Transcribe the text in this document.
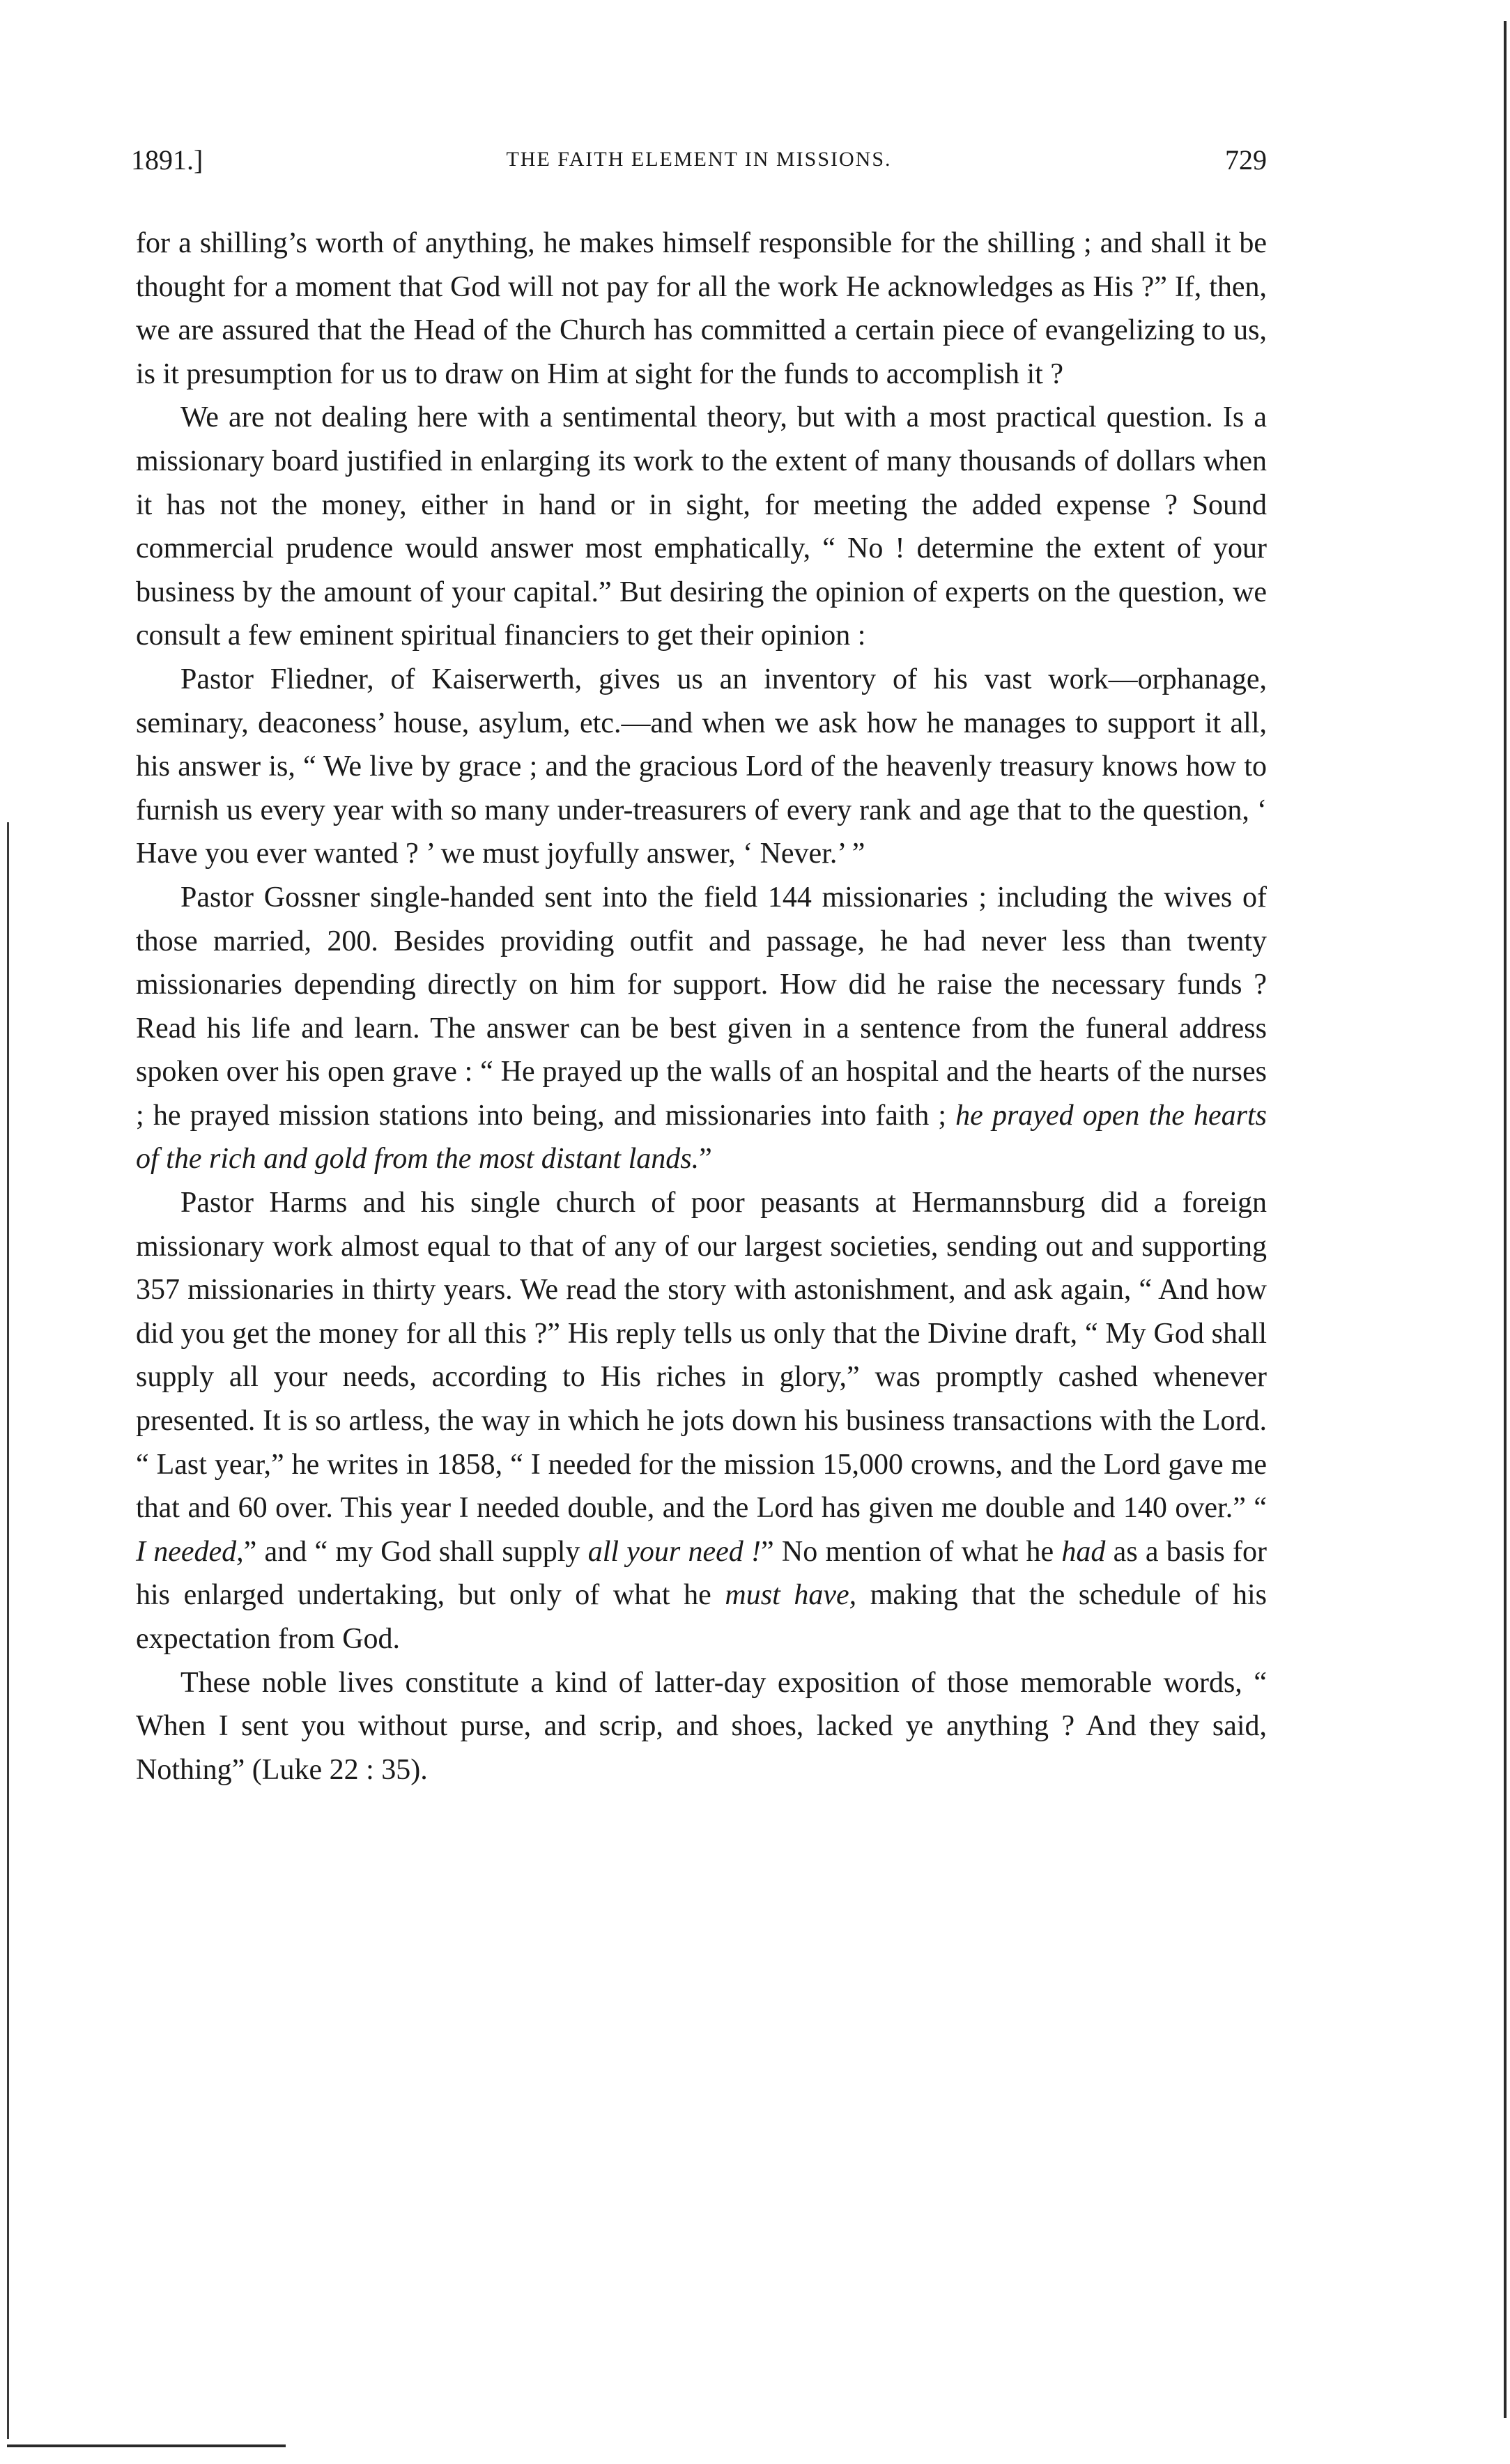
1891.]	THE FAITH ELEMENT IN MISSIONS.	729

for a shilling’s worth of anything, he makes himself responsible for the shilling ; and shall it be thought for a moment that God will not pay for all the work He acknowledges as His ?” If, then, we are assured that the Head of the Church has committed a certain piece of evangelizing to us, is it presumption for us to draw on Him at sight for the funds to accomplish it ?

We are not dealing here with a sentimental theory, but with a most practical question. Is a missionary board justified in enlarging its work to the extent of many thousands of dollars when it has not the money, either in hand or in sight, for meeting the added expense ? Sound commercial prudence would answer most emphatically, “ No ! determine the extent of your business by the amount of your capital.” But desiring the opinion of experts on the question, we consult a few eminent spiritual financiers to get their opinion :

Pastor Fliedner, of Kaiserwerth, gives us an inventory of his vast work—orphanage, seminary, deaconess’ house, asylum, etc.—and when we ask how he manages to support it all, his answer is, “ We live by grace ; and the gracious Lord of the heavenly treasury knows how to furnish us every year with so many under-treasurers of every rank and age that to the question, ‘ Have you ever wanted ? ’ we must joyfully answer, ‘ Never.’ ”

Pastor Gossner single-handed sent into the field 144 missionaries ; including the wives of those married, 200. Besides providing outfit and passage, he had never less than twenty missionaries depending directly on him for support. How did he raise the necessary funds ? Read his life and learn. The answer can be best given in a sentence from the funeral address spoken over his open grave : “ He prayed up the walls of an hospital and the hearts of the nurses ; he prayed mission stations into being, and missionaries into faith ; he prayed open the hearts of the rich and gold from the most distant lands.”

Pastor Harms and his single church of poor peasants at Hermannsburg did a foreign missionary work almost equal to that of any of our largest societies, sending out and supporting 357 missionaries in thirty years. We read the story with astonishment, and ask again, “ And how did you get the money for all this ?” His reply tells us only that the Divine draft, “ My God shall supply all your needs, according to His riches in glory,” was promptly cashed whenever presented. It is so artless, the way in which he jots down his business transactions with the Lord. “ Last year,” he writes in 1858, “ I needed for the mission 15,000 crowns, and the Lord gave me that and 60 over. This year I needed double, and the Lord has given me double and 140 over.” “ I needed,” and “ my God shall supply all your need !” No mention of what he had as a basis for his enlarged undertaking, but only of what he must have, making that the schedule of his expectation from God.

These noble lives constitute a kind of latter-day exposition of those memorable words, “ When I sent you without purse, and scrip, and shoes, lacked ye anything ? And they said, Nothing” (Luke 22 : 35).
